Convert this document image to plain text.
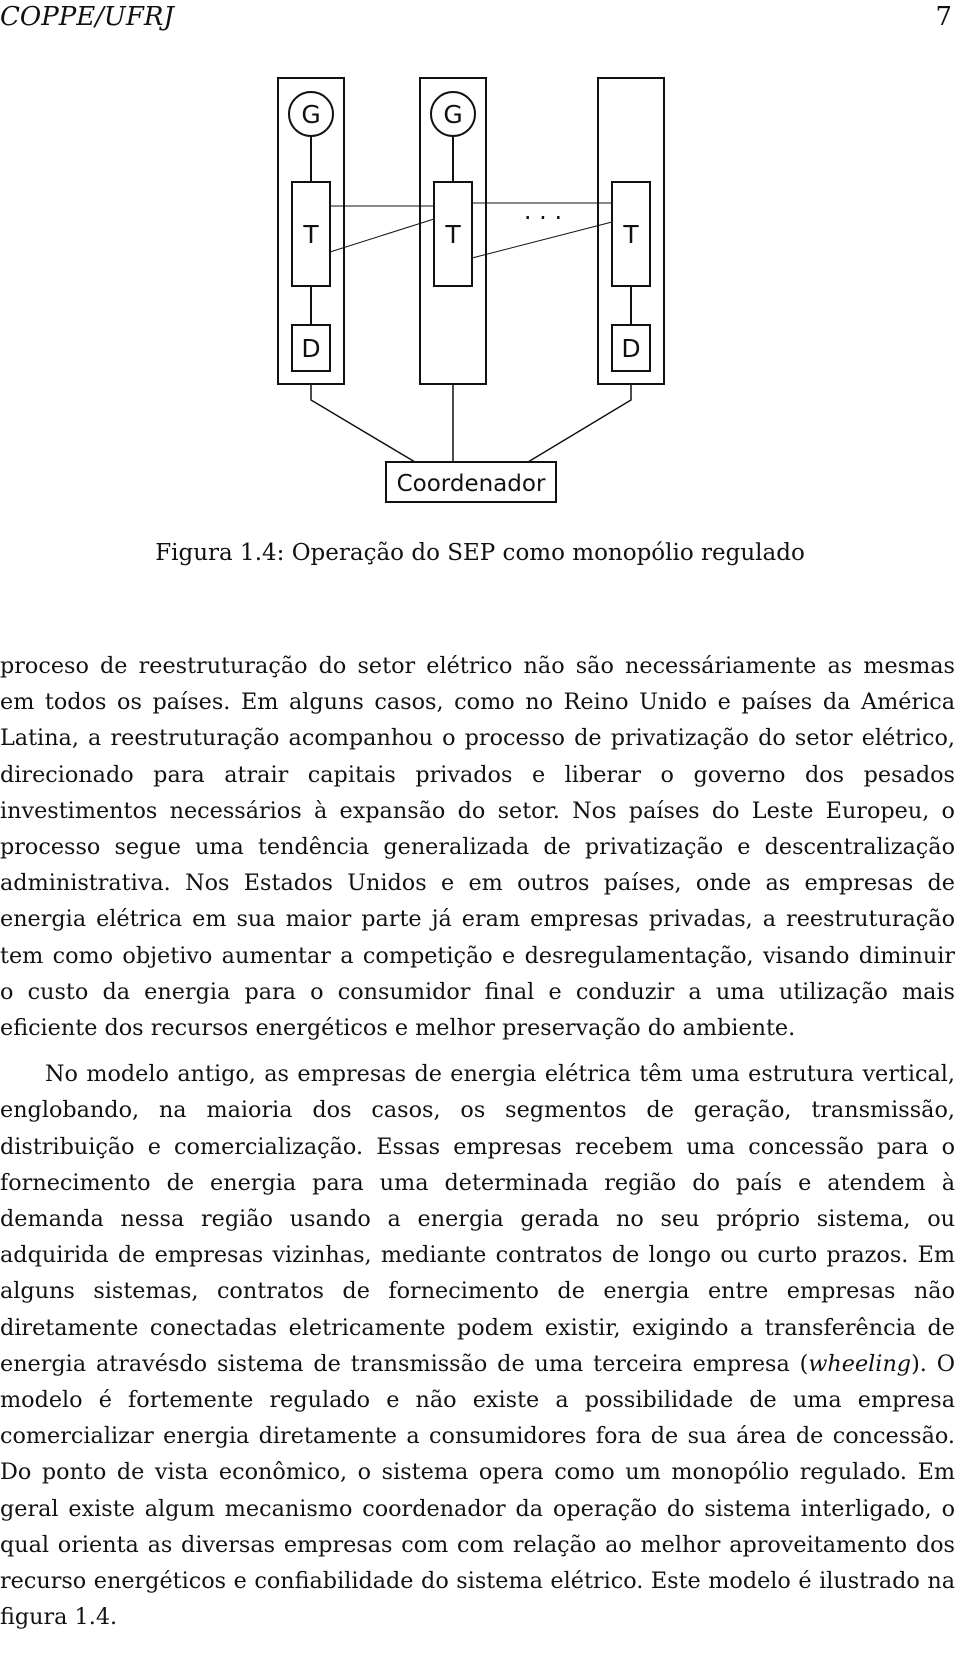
COPPE/UFRJ	7
G	G
T	T	T
D	D
· · ·
Coordenador
Figura 1.4: Operação do SEP como monopólio regulado

proceso de reestruturação do setor elétrico não são necessáriamente as mesmas em todos os países. Em alguns casos, como no Reino Unido e países da América Latina, a reestruturação acompanhou o processo de privatização do setor elétrico, direcionado para atrair capitais privados e liberar o governo dos pesados investimentos necessários à expansão do setor. Nos países do Leste Europeu, o processo segue uma tendência generalizada de privatização e descentralização administrativa. Nos Estados Unidos e em outros países, onde as empresas de energia elétrica em sua maior parte já eram empresas privadas, a reestruturação tem como objetivo aumentar a competição e desregulamentação, visando diminuir o custo da energia para o consumidor final e conduzir a uma utilização mais eficiente dos recursos energéticos e melhor preservação do ambiente.

No modelo antigo, as empresas de energia elétrica têm uma estrutura vertical, englobando, na maioria dos casos, os segmentos de geração, transmissão, distribuição e comercialização. Essas empresas recebem uma concessão para o fornecimento de energia para uma determinada região do país e atendem à demanda nessa região usando a energia gerada no seu próprio sistema, ou adquirida de empresas vizinhas, mediante contratos de longo ou curto prazos. Em alguns sistemas, contratos de fornecimento de energia entre empresas não diretamente conectadas eletricamente podem existir, exigindo a transferência de energia atravésdo sistema de transmissão de uma terceira empresa (wheeling). O modelo é fortemente regulado e não existe a possibilidade de uma empresa comercializar energia diretamente a consumidores fora de sua área de concessão. Do ponto de vista econômico, o sistema opera como um monopólio regulado. Em geral existe algum mecanismo coordenador da operação do sistema interligado, o qual orienta as diversas empresas com com relação ao melhor aproveitamento dos recurso energéticos e confiabilidade do sistema elétrico. Este modelo é ilustrado na figura 1.4.
